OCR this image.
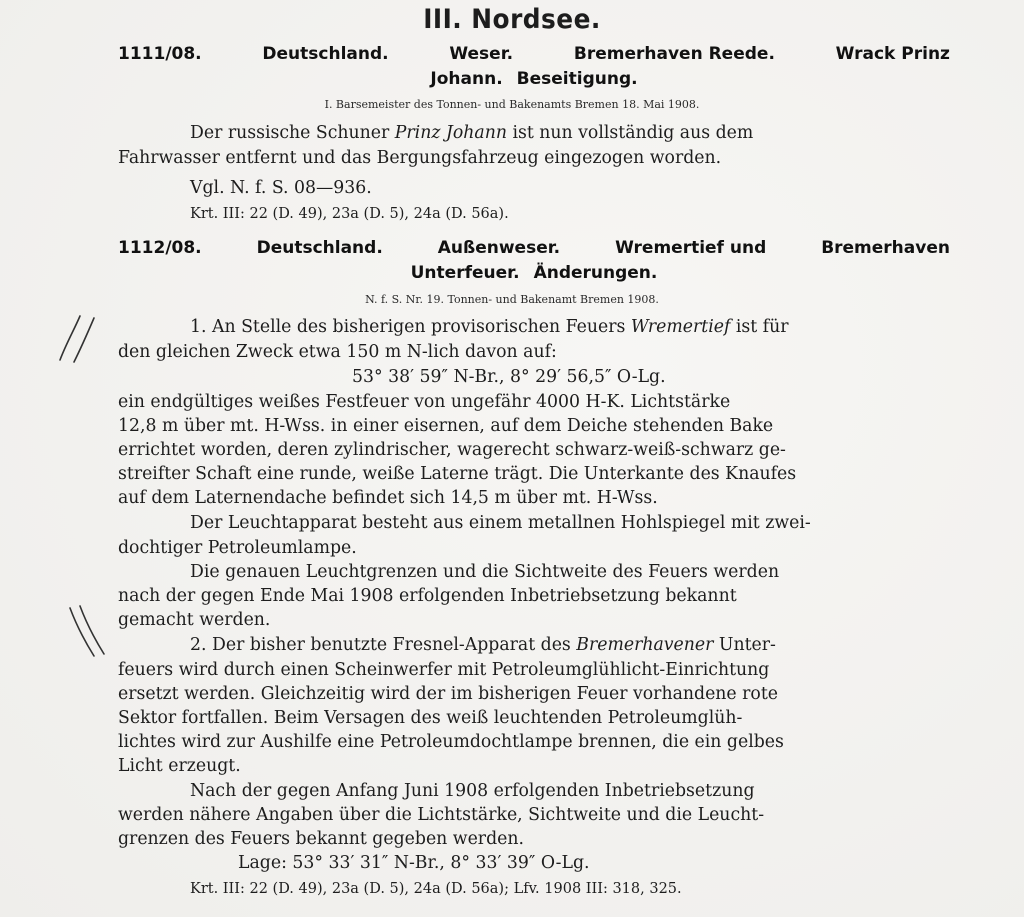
III. Nordsee.
1111/08.	Deutschland.	Weser.	Bremerhaven Reede.	Wrack Prinz
Johann. Beseitigung.
I. Barsemeister des Tonnen- und Bakenamts Bremen 18. Mai 1908.
Der russische Schuner Prinz Johann ist nun vollständig aus dem
Fahrwasser entfernt und das Bergungsfahrzeug eingezogen worden.
Vgl. N. f. S. 08—936.
Krt. III: 22 (D. 49), 23a (D. 5), 24a (D. 56a).
1112/08.	Deutschland.	Außenweser.	Wremertief und	Bremerhaven
Unterfeuer. Änderungen.
N. f. S. Nr. 19. Tonnen- und Bakenamt Bremen 1908.
1. An Stelle des bisherigen provisorischen Feuers Wremertief ist für
den gleichen Zweck etwa 150 m N-lich davon auf:
53° 38′ 59″ N-Br., 8° 29′ 56,5″ O-Lg.
ein endgültiges weißes Festfeuer von ungefähr 4000 H-K. Lichtstärke
12,8 m über mt. H-Wss. in einer eisernen, auf dem Deiche stehenden Bake
errichtet worden, deren zylindrischer, wagerecht schwarz-weiß-schwarz ge-
streifter Schaft eine runde, weiße Laterne trägt. Die Unterkante des Knaufes
auf dem Laternendache befindet sich 14,5 m über mt. H-Wss.
Der Leuchtapparat besteht aus einem metallnen Hohlspiegel mit zwei-
dochtiger Petroleumlampe.
Die genauen Leuchtgrenzen und die Sichtweite des Feuers werden
nach der gegen Ende Mai 1908 erfolgenden Inbetriebsetzung bekannt
gemacht werden.
2. Der bisher benutzte Fresnel-Apparat des Bremerhavener Unter-
feuers wird durch einen Scheinwerfer mit Petroleumglühlicht-Einrichtung
ersetzt werden. Gleichzeitig wird der im bisherigen Feuer vorhandene rote
Sektor fortfallen. Beim Versagen des weiß leuchtenden Petroleumglüh-
lichtes wird zur Aushilfe eine Petroleumdochtlampe brennen, die ein gelbes
Licht erzeugt.
Nach der gegen Anfang Juni 1908 erfolgenden Inbetriebsetzung
werden nähere Angaben über die Lichtstärke, Sichtweite und die Leucht-
grenzen des Feuers bekannt gegeben werden.
Lage: 53° 33′ 31″ N-Br., 8° 33′ 39″ O-Lg.
Krt. III: 22 (D. 49), 23a (D. 5), 24a (D. 56a); Lfv. 1908 III: 318, 325.
